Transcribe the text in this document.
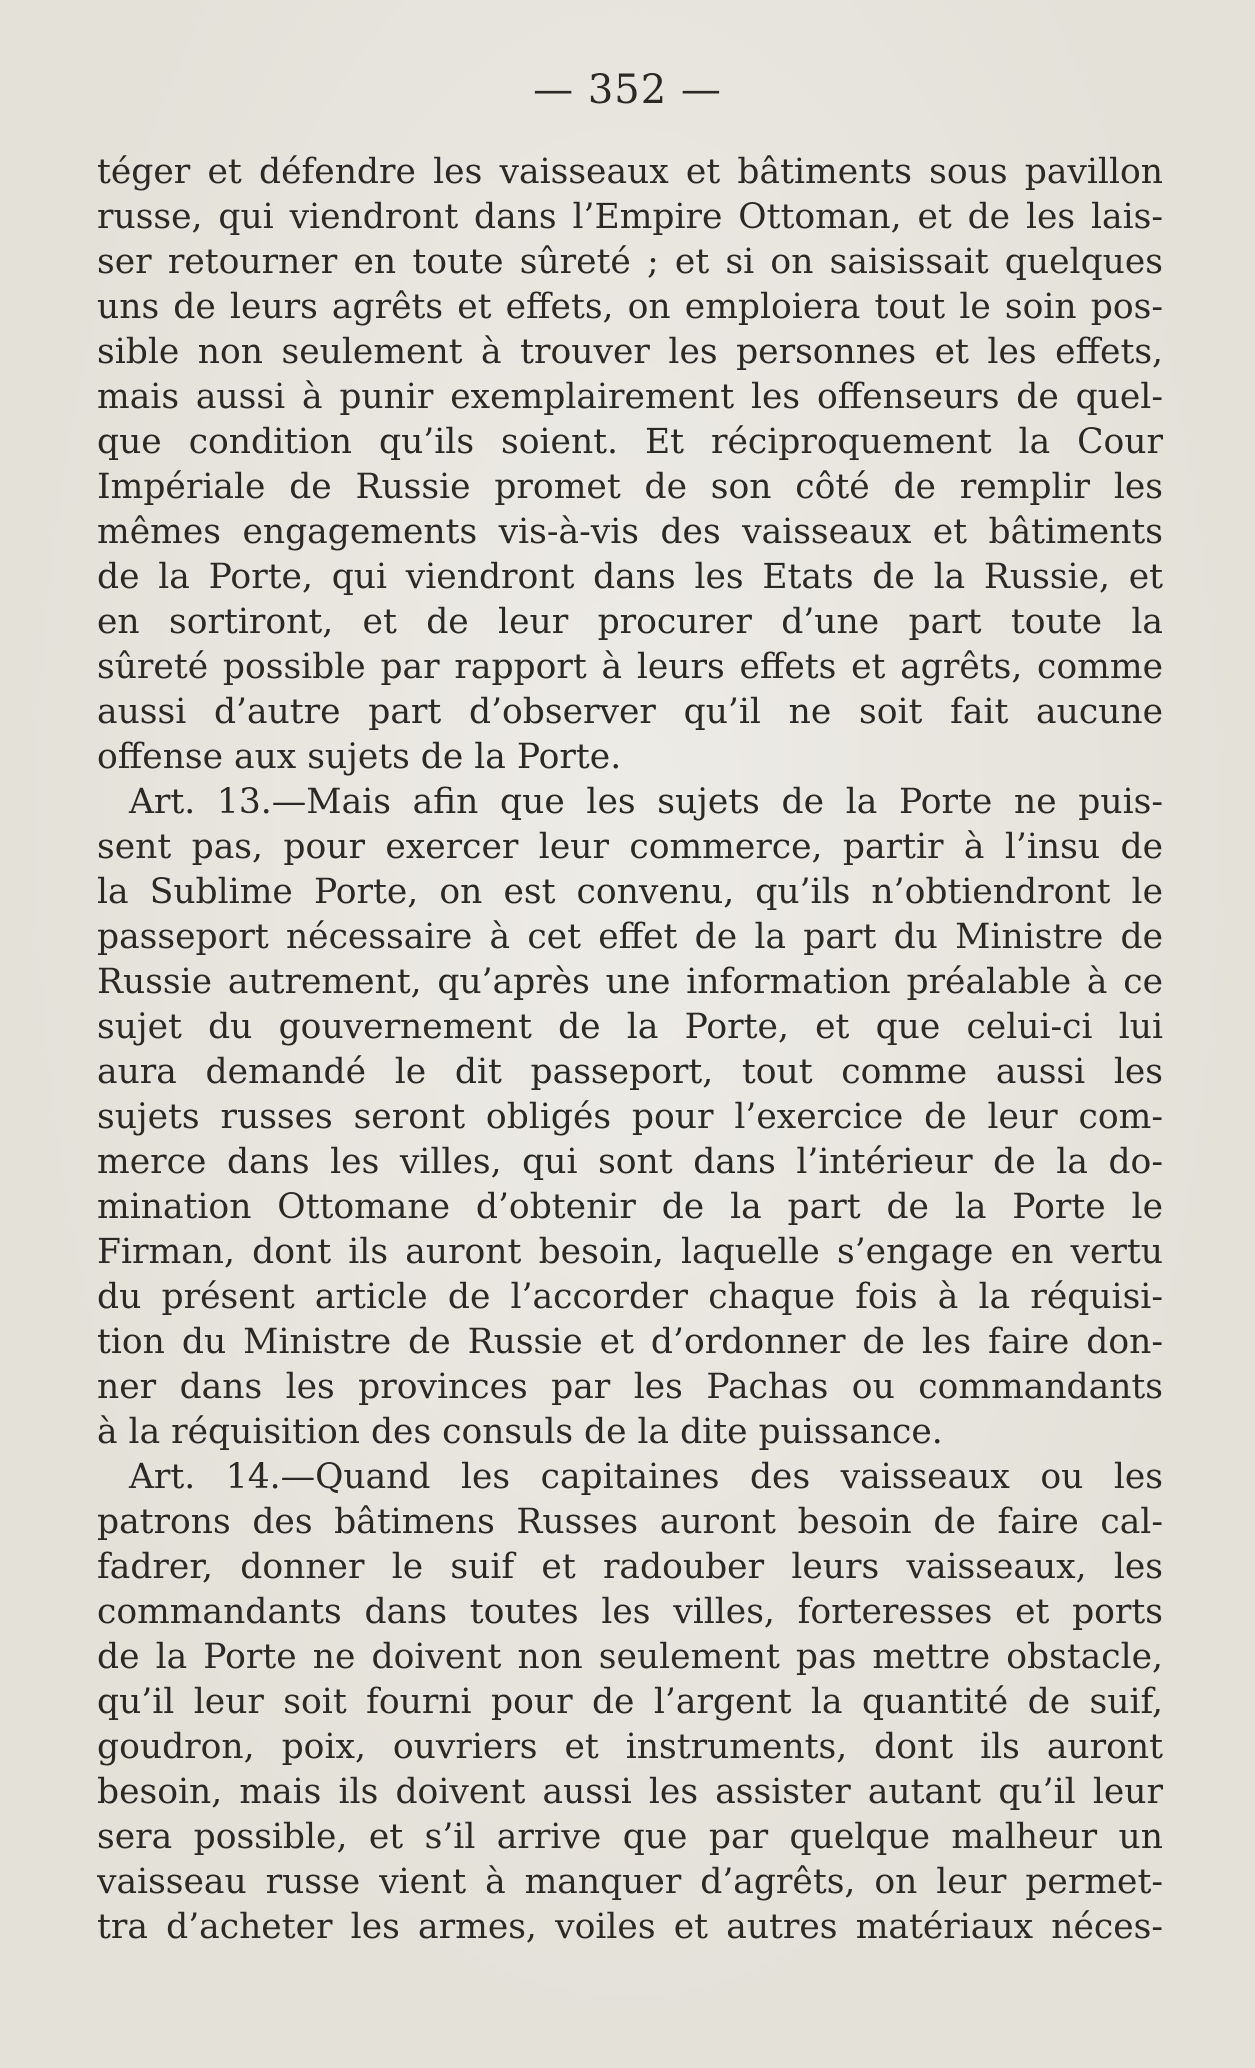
— 352 —
téger et défendre les vaisseaux et bâtiments sous pavillon
russe, qui viendront dans l’Empire Ottoman, et de les lais-
ser retourner en toute sûreté ; et si on saisissait quelques
uns de leurs agrêts et effets, on emploiera tout le soin pos-
sible non seulement à trouver les personnes et les effets,
mais aussi à punir exemplairement les offenseurs de quel-
que condition qu’ils soient. Et réciproquement la Cour
Impériale de Russie promet de son côté de remplir les
mêmes engagements vis-à-vis des vaisseaux et bâtiments
de la Porte, qui viendront dans les Etats de la Russie, et
en sortiront, et de leur procurer d’une part toute la
sûreté possible par rapport à leurs effets et agrêts, comme
aussi d’autre part d’observer qu’il ne soit fait aucune
offense aux sujets de la Porte.
Art. 13.—Mais afin que les sujets de la Porte ne puis-
sent pas, pour exercer leur commerce, partir à l’insu de
la Sublime Porte, on est convenu, qu’ils n’obtiendront le
passeport nécessaire à cet effet de la part du Ministre de
Russie autrement, qu’après une information préalable à ce
sujet du gouvernement de la Porte, et que celui-ci lui
aura demandé le dit passeport, tout comme aussi les
sujets russes seront obligés pour l’exercice de leur com-
merce dans les villes, qui sont dans l’intérieur de la do-
mination Ottomane d’obtenir de la part de la Porte le
Firman, dont ils auront besoin, laquelle s’engage en vertu
du présent article de l’accorder chaque fois à la réquisi-
tion du Ministre de Russie et d’ordonner de les faire don-
ner dans les provinces par les Pachas ou commandants
à la réquisition des consuls de la dite puissance.
Art. 14.—Quand les capitaines des vaisseaux ou les
patrons des bâtimens Russes auront besoin de faire cal-
fadrer, donner le suif et radouber leurs vaisseaux, les
commandants dans toutes les villes, forteresses et ports
de la Porte ne doivent non seulement pas mettre obstacle,
qu’il leur soit fourni pour de l’argent la quantité de suif,
goudron, poix, ouvriers et instruments, dont ils auront
besoin, mais ils doivent aussi les assister autant qu’il leur
sera possible, et s’il arrive que par quelque malheur un
vaisseau russe vient à manquer d’agrêts, on leur permet-
tra d’acheter les armes, voiles et autres matériaux néces-
